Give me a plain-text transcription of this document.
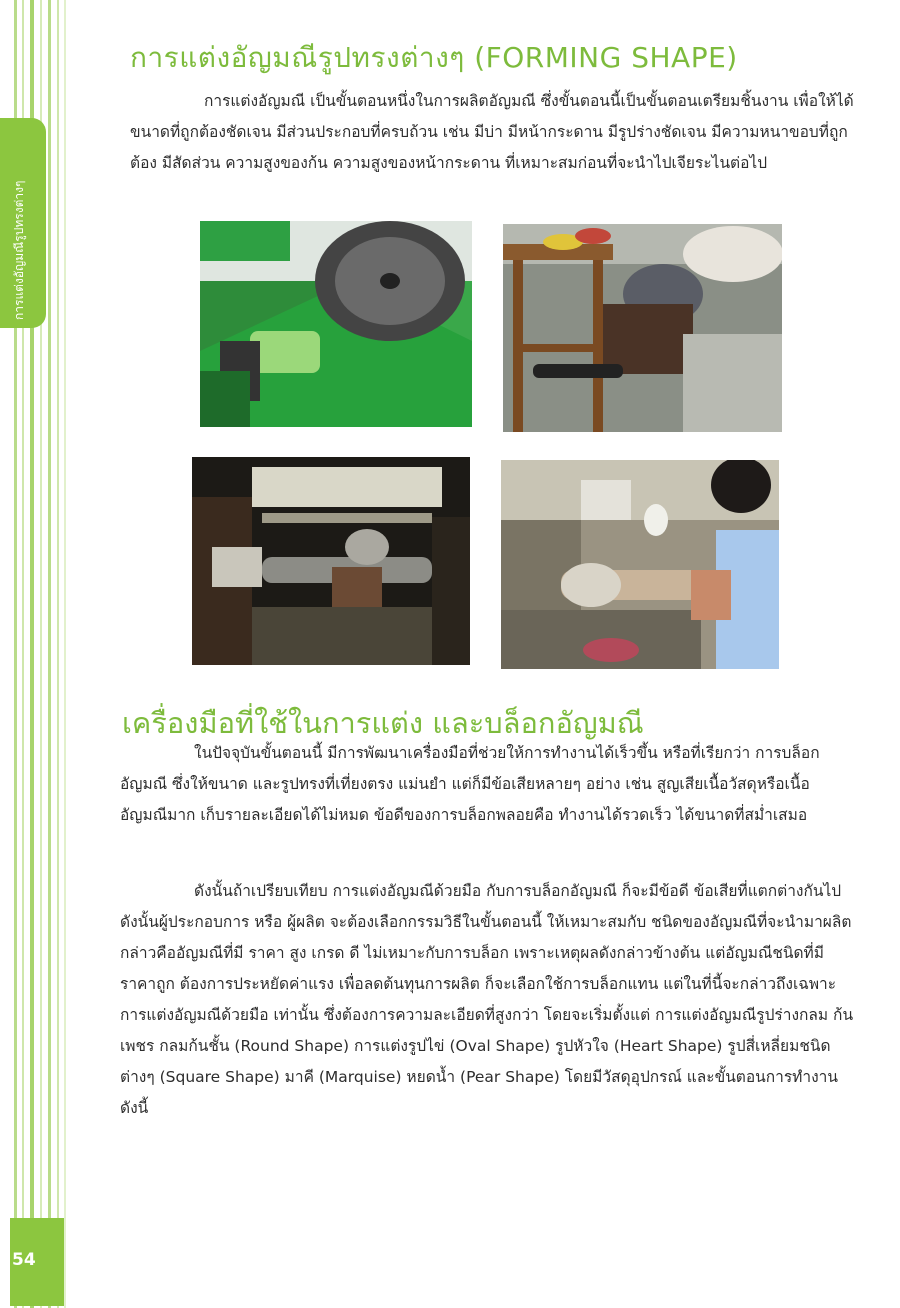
การแต่งอัญมณีรูปทรงต่างๆ
54
การแต่งอัญมณีรูปทรงต่างๆ (FORMING SHAPE)
การแต่งอัญมณี เป็นขั้นตอนหนึ่งในการผลิตอัญมณี ซึ่งขั้นตอนนี้เป็นขั้นตอนเตรียมชิ้นงาน เพื่อให้ได้ขนาดที่ถูกต้องชัดเจน มีส่วนประกอบที่ครบถ้วน เช่น มีบ่า มีหน้ากระดาน มีรูปร่างชัดเจน มีความหนาขอบที่ถูกต้อง มีสัดส่วน ความสูงของก้น ความสูงของหน้ากระดาน ที่เหมาะสมก่อนที่จะนำไปเจียระไนต่อไป
เครื่องมือที่ใช้ในการแต่ง และบล็อกอัญมณี
ในปัจจุบันขั้นตอนนี้ มีการพัฒนาเครื่องมือที่ช่วยให้การทำงานได้เร็วขึ้น หรือที่เรียกว่า การบล็อกอัญมณี ซึ่งให้ขนาด และรูปทรงที่เที่ยงตรง แม่นยำ แต่ก็มีข้อเสียหลายๆ อย่าง เช่น สูญเสียเนื้อวัสดุหรือเนื้ออัญมณีมาก เก็บรายละเอียดได้ไม่หมด ข้อดีของการบล็อกพลอยคือ ทำงานได้รวดเร็ว ได้ขนาดที่สม่ำเสมอ
ดังนั้นถ้าเปรียบเทียบ การแต่งอัญมณีด้วยมือ กับการบล็อกอัญมณี ก็จะมีข้อดี ข้อเสียที่แตกต่างกันไป ดังนั้นผู้ประกอบการ หรือ ผู้ผลิต จะต้องเลือกกรรมวิธีในขั้นตอนนี้ ให้เหมาะสมกับ ชนิดของอัญมณีที่จะนำมาผลิต กล่าวคืออัญมณีที่มี ราคา สูง เกรด ดี ไม่เหมาะกับการบล็อก เพราะเหตุผลดังกล่าวข้างต้น แต่อัญมณีชนิดที่มีราคาถูก ต้องการประหยัดค่าแรง เพื่อลดต้นทุนการผลิต ก็จะเลือกใช้การบล็อกแทน แต่ในที่นี้จะกล่าวถึงเฉพาะ การแต่งอัญมณีด้วยมือ เท่านั้น ซึ่งต้องการความละเอียดที่สูงกว่า โดยจะเริ่มตั้งแต่ การแต่งอัญมณีรูปร่างกลม ก้นเพชร กลมก้นชั้น (Round Shape) การแต่งรูปไข่ (Oval Shape) รูปหัวใจ (Heart Shape) รูปสี่เหลี่ยมชนิดต่างๆ (Square Shape) มาคี (Marquise) หยดน้ำ (Pear Shape) โดยมีวัสดุอุปกรณ์ และขั้นตอนการทำงานดังนี้
